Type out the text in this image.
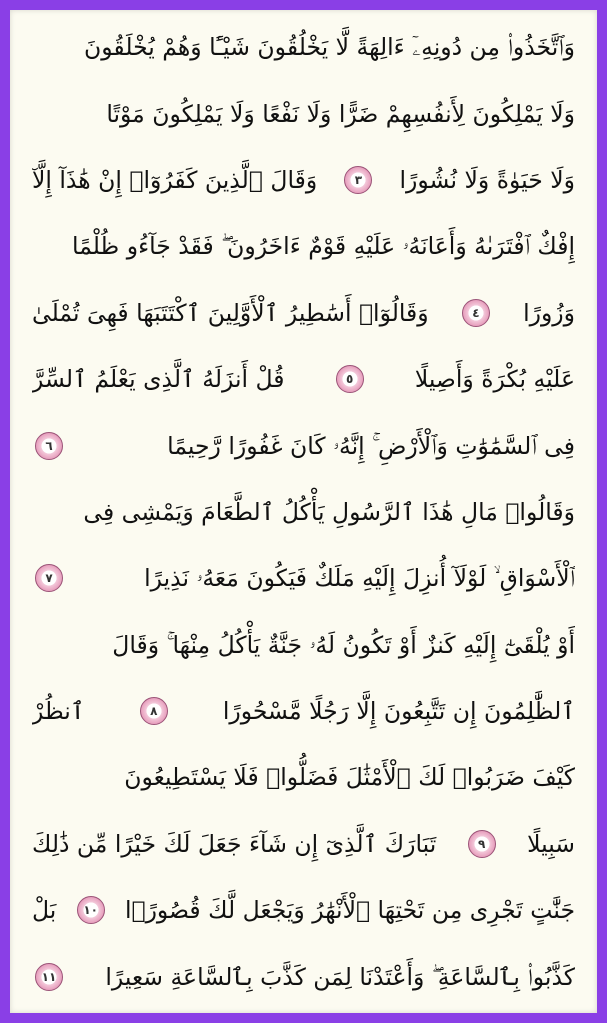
وَٱتَّخَذُوا۟ مِن دُونِهِۦٓ ءَالِهَةً لَّا يَخْلُقُونَ شَيْـًٔا وَهُمْ يُخْلَقُونَ
وَلَا يَمْلِكُونَ لِأَنفُسِهِمْ ضَرًّا وَلَا نَفْعًا وَلَا يَمْلِكُونَ مَوْتًا
وَلَا حَيَوٰةً وَلَا نُشُورًا
٣
وَقَالَ ٱلَّذِينَ كَفَرُوٓا۟ إِنْ هَٰذَآ إِلَّآ
إِفْكٌ ٱفْتَرَىٰهُ وَأَعَانَهُۥ عَلَيْهِ قَوْمٌ ءَاخَرُونَ ۖ فَقَدْ جَآءُو ظُلْمًا
وَزُورًا
٤
وَقَالُوٓا۟ أَسَٰطِيرُ ٱلْأَوَّلِينَ ٱكْتَتَبَهَا فَهِىَ تُمْلَىٰ
عَلَيْهِ بُكْرَةً وَأَصِيلًا
٥
قُلْ أَنزَلَهُ ٱلَّذِى يَعْلَمُ ٱلسِّرَّ
فِى ٱلسَّمَٰوَٰتِ وَٱلْأَرْضِ ۚ إِنَّهُۥ كَانَ غَفُورًا رَّحِيمًا
٦
وَقَالُوا۟ مَالِ هَٰذَا ٱلرَّسُولِ يَأْكُلُ ٱلطَّعَامَ وَيَمْشِى فِى
ٱلْأَسْوَاقِ ۙ لَوْلَآ أُنزِلَ إِلَيْهِ مَلَكٌ فَيَكُونَ مَعَهُۥ نَذِيرًا
٧
أَوْ يُلْقَىٰٓ إِلَيْهِ كَنزٌ أَوْ تَكُونُ لَهُۥ جَنَّةٌ يَأْكُلُ مِنْهَا ۚ وَقَالَ
ٱلظَّٰلِمُونَ إِن تَتَّبِعُونَ إِلَّا رَجُلًا مَّسْحُورًا
٨
ٱنظُرْ
كَيْفَ ضَرَبُوا۟ لَكَ ٱلْأَمْثَٰلَ فَضَلُّوا۟ فَلَا يَسْتَطِيعُونَ
سَبِيلًا
٩
تَبَارَكَ ٱلَّذِىٓ إِن شَآءَ جَعَلَ لَكَ خَيْرًا مِّن ذَٰلِكَ
جَنَّٰتٍ تَجْرِى مِن تَحْتِهَا ٱلْأَنْهَٰرُ وَيَجْعَل لَّكَ قُصُورًۢا
١٠
بَلْ
كَذَّبُوا۟ بِٱلسَّاعَةِ ۖ وَأَعْتَدْنَا لِمَن كَذَّبَ بِٱلسَّاعَةِ سَعِيرًا
١١
